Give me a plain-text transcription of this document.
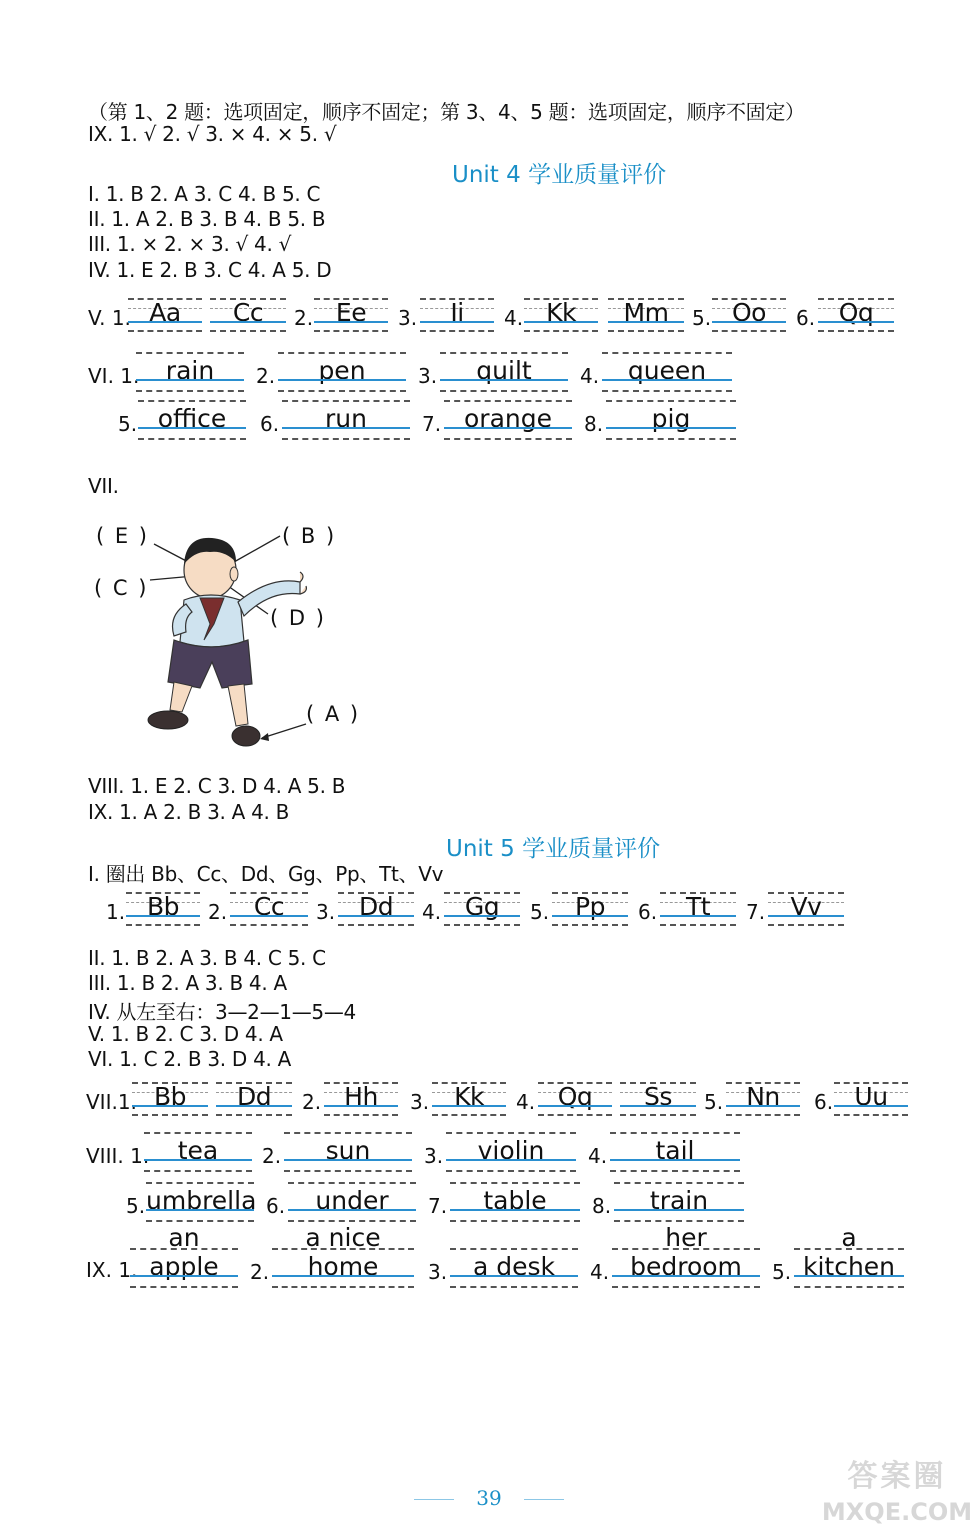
（第 1、2 题：选项固定，顺序不固定；第 3、4、5 题：选项固定，顺序不固定）
IX. 1. √ 2. √ 3. × 4. × 5. √
Unit 4 学业质量评价
I. 1. B 2. A 3. C 4. B 5. C
II. 1. A 2. B 3. B 4. B 5. B
III. 1. × 2. × 3. √ 4. √
IV. 1. E 2. B 3. C 4. A 5. D
V. 1. Aa	Cc	2. Ee	3.	Ii	4. Kk	Mm	5. Oo	6. Qq
VI. 1.	rain	2.	pen	3.	quilt	4.	queen
5. office	6.	run	7. orange	8.	pig
VII.
( E )	( B )
( C )
( D )
( A )
VIII. 1. E 2. C 3. D 4. A 5. B
IX. 1. A 2. B 3. A 4. B
Unit 5 学业质量评价
I. 圈出 Bb、Cc、Dd、Gg、Pp、Tt、Vv
1. Bb	2.	Cc	3. Dd	4. Gg	5.	Pp	6.	Tt	7.	Vv
II. 1. B 2. A 3. B 4. C 5. C
III. 1. B 2. A 3. B 4. A
IV. 从左至右：3—2—1—5—4
V. 1. B 2. C 3. D 4. A
VI. 1. C 2. B 3. D 4. A
VII.1. Bb	Dd	2. Hh	3. Kk	4. Qq	Ss	5. Nn	6. Uu
VIII. 1.	tea	2.	sun	3.	violin	4.	tail
5. umbrella 6.	under	7.	table	8.	train
IX. 1.
an apple	2.
a nice home	3.	a desk	4.
her bedroom	5.
a kitchen
39
答案圈
MXQE.COM
